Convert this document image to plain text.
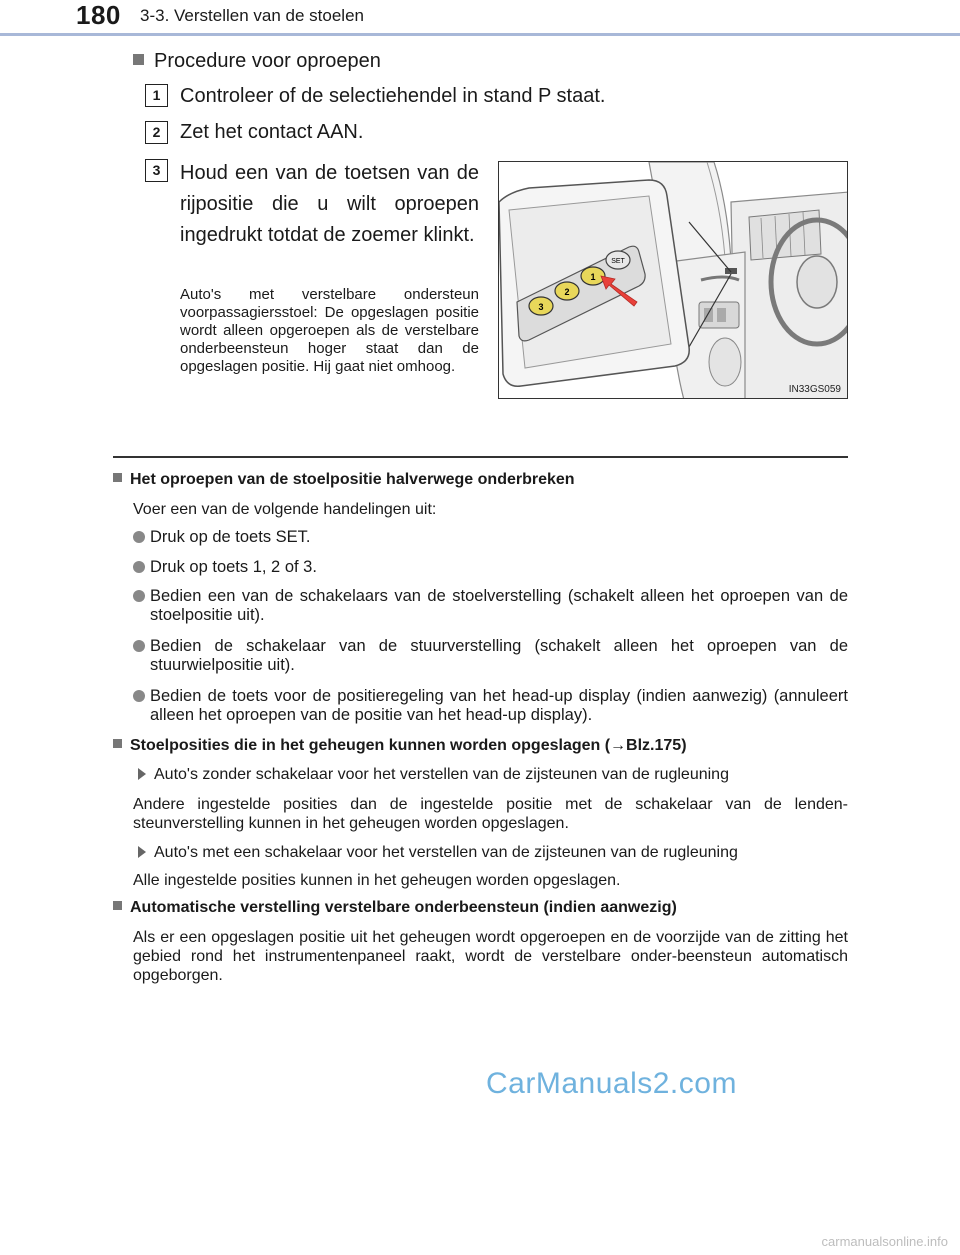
180 3-3. Verstellen van de stoelen
Procedure voor oproepen
1 Controleer of de selectiehendel in stand P staat.
2 Zet het contact AAN.
3 Houd een van de toetsen van de rijpositie die u wilt oproepen ingedrukt totdat de zoemer klinkt.
Auto's met verstelbare ondersteun voorpassagiersstoel: De opgeslagen positie wordt alleen opgeroepen als de verstelbare onderbeensteun hoger staat dan de opgeslagen positie. Hij gaat niet omhoog.
3
2
1
SET
IN33GS059
Het oproepen van de stoelpositie halverwege onderbreken
Voer een van de volgende handelingen uit:
Druk op de toets SET.
Druk op toets 1, 2 of 3.
Bedien een van de schakelaars van de stoelverstelling (schakelt alleen het oproepen van de stoelpositie uit).
Bedien de schakelaar van de stuurverstelling (schakelt alleen het oproepen van de stuurwielpositie uit).
Bedien de toets voor de positieregeling van het head-up display (indien aanwezig) (annuleert alleen het oproepen van de positie van het head-up display).
Stoelposities die in het geheugen kunnen worden opgeslagen (→Blz.175)
Auto's zonder schakelaar voor het verstellen van de zijsteunen van de rugleuning
Andere ingestelde posities dan de ingestelde positie met de schakelaar van de lenden-steunverstelling kunnen in het geheugen worden opgeslagen.
Auto's met een schakelaar voor het verstellen van de zijsteunen van de rugleuning
Alle ingestelde posities kunnen in het geheugen worden opgeslagen.
Automatische verstelling verstelbare onderbeensteun (indien aanwezig)
Als er een opgeslagen positie uit het geheugen wordt opgeroepen en de voorzijde van de zitting het gebied rond het instrumentenpaneel raakt, wordt de verstelbare onder-beensteun automatisch opgeborgen.
CarManuals2.com
carmanualsonline.info
